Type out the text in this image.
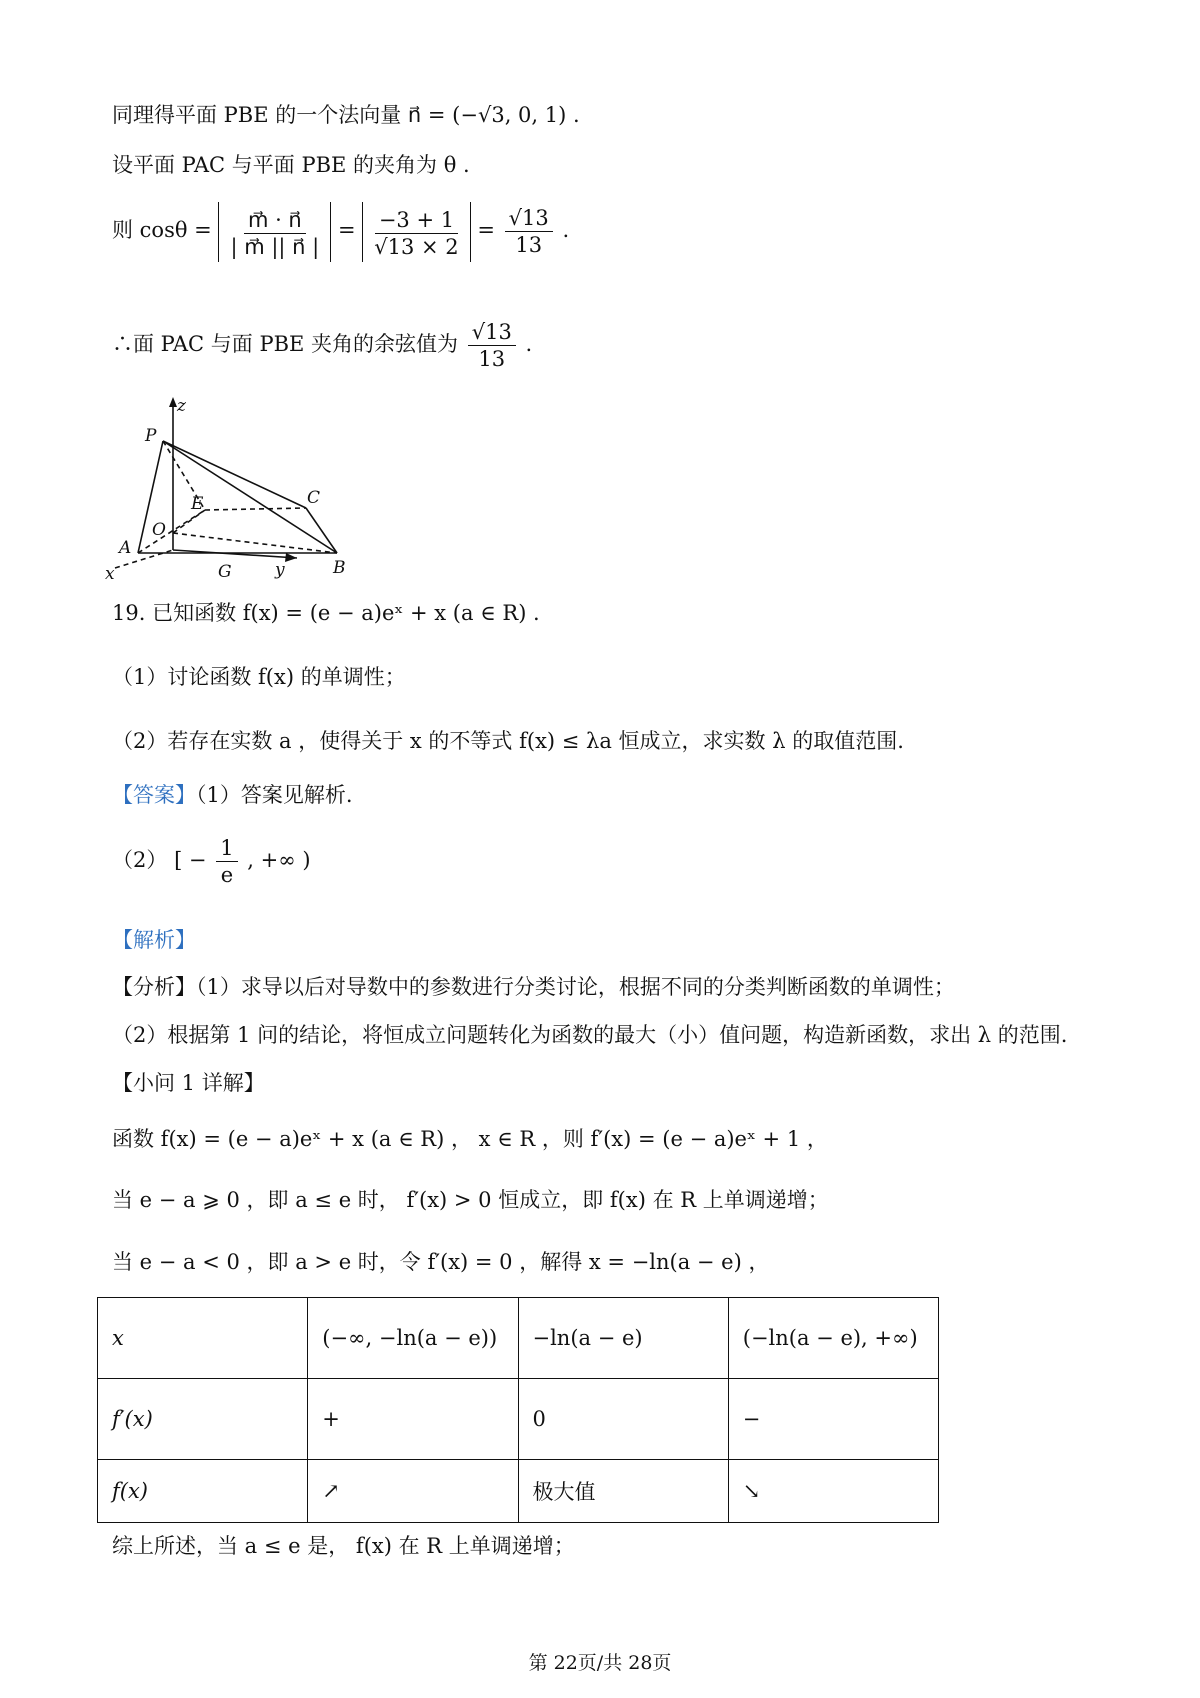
同理得平面 PBE 的一个法向量 n⃗ = (−√3, 0, 1) .
设平面 PAC 与平面 PBE 的夹角为 θ .
则 $\cos\theta = \frac{m⃗ \cdot n⃗}{| m⃗ || n⃗ |} = \frac{-3 + 1}{√13 \times 2} = \frac{√13}{13}$ .
∴面 PAC 与面 PBE 夹角的余弦值为 $\frac{√13}{13}$ .
z
P
E	C
O
A
B
G	y
x
19. 已知函数 f(x) = (e − a)eˣ + x (a ∈ R) .
（1）讨论函数 f(x) 的单调性；
（2）若存在实数 a ，使得关于 x 的不等式 f(x) ≤ λa 恒成立，求实数 λ 的取值范围.
【答案】（1）答案见解析.
（2） [ − $\frac{1}{e}$ , +∞ )
【解析】
【分析】（1）求导以后对导数中的参数进行分类讨论，根据不同的分类判断函数的单调性；
（2）根据第 1 问的结论，将恒成立问题转化为函数的最大（小）值问题，构造新函数，求出 λ 的范围.
【小问 1 详解】
函数 f(x) = (e − a)eˣ + x (a ∈ R) ， x ∈ R ，则 f′(x) = (e − a)eˣ + 1 ，
当 e − a ⩾ 0 ，即 a ≤ e 时， f′(x) > 0 恒成立，即 f(x) 在 R 上单调递增；
当 e − a < 0 ，即 a > e 时，令 f′(x) = 0 ，解得 x = −ln(a − e) ，
x	(−∞, −ln(a − e))	−ln(a − e)	(−ln(a − e), +∞)
f′(x)	+	0	−
f(x)	↗	极大值	↘
综上所述，当 a ≤ e 是， f(x) 在 R 上单调递增；
第 22页/共 28页
